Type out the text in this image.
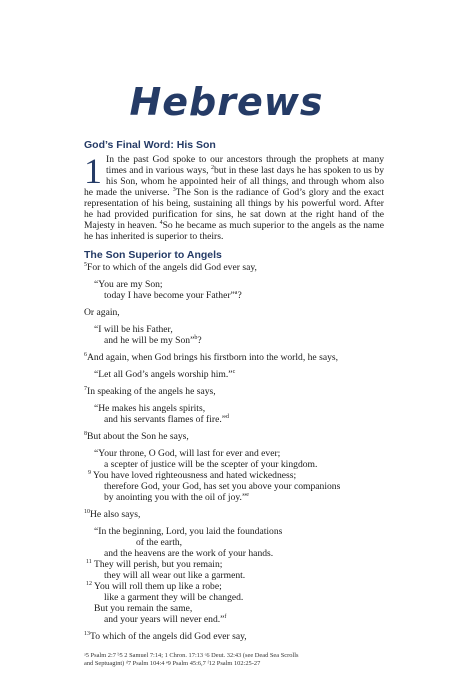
Hebrews
God’s Final Word: His Son

1 In the past God spoke to our ancestors through the prophets at many times and in various ways, $^2$but in these last days he has spoken to us by his Son, whom he appointed heir of all things, and through whom also he made the universe. $^3$The Son is the radiance of God’s glory and the exact representation of his being, sustaining all things by his powerful word. After he had provided purification for sins, he sat down at the right hand of the Majesty in heaven. $^4$So he became as much superior to the angels as the name he has inherited is superior to theirs.

The Son Superior to Angels

$^5$For to which of the angels did God ever say,

“You are my Son;
today I have become your Father”$^a$?

Or again,

“I will be his Father,
and he will be my Son”$^b$?

$^6$And again, when God brings his firstborn into the world, he says,

“Let all God’s angels worship him.”$^c$

$^7$In speaking of the angels he says,

“He makes his angels spirits,
and his servants flames of fire.”$^d$

$^8$But about the Son he says,

“Your throne, O God, will last for ever and ever;
a scepter of justice will be the scepter of your kingdom.
$^9$ You have loved righteousness and hated wickedness;
therefore God, your God, has set you above your companions
by anointing you with the oil of joy.”$^e$

$^{10}$He also says,

“In the beginning, Lord, you laid the foundations
of the earth,
and the heavens are the work of your hands.
$^{11}$ They will perish, but you remain;
they will all wear out like a garment.
$^{12}$ You will roll them up like a robe;
like a garment they will be changed.
But you remain the same,
and your years will never end.”$^f$

$^{13}$To which of the angels did God ever say,

ᵃ5 Psalm 2:7 ᵇ5 2 Samuel 7:14; 1 Chron. 17:13 ᶜ6 Deut. 32:43 (see Dead Sea Scrolls
and Septuagint) ᵈ7 Psalm 104:4 ᵉ9 Psalm 45:6,7 ᶠ12 Psalm 102:25-27
